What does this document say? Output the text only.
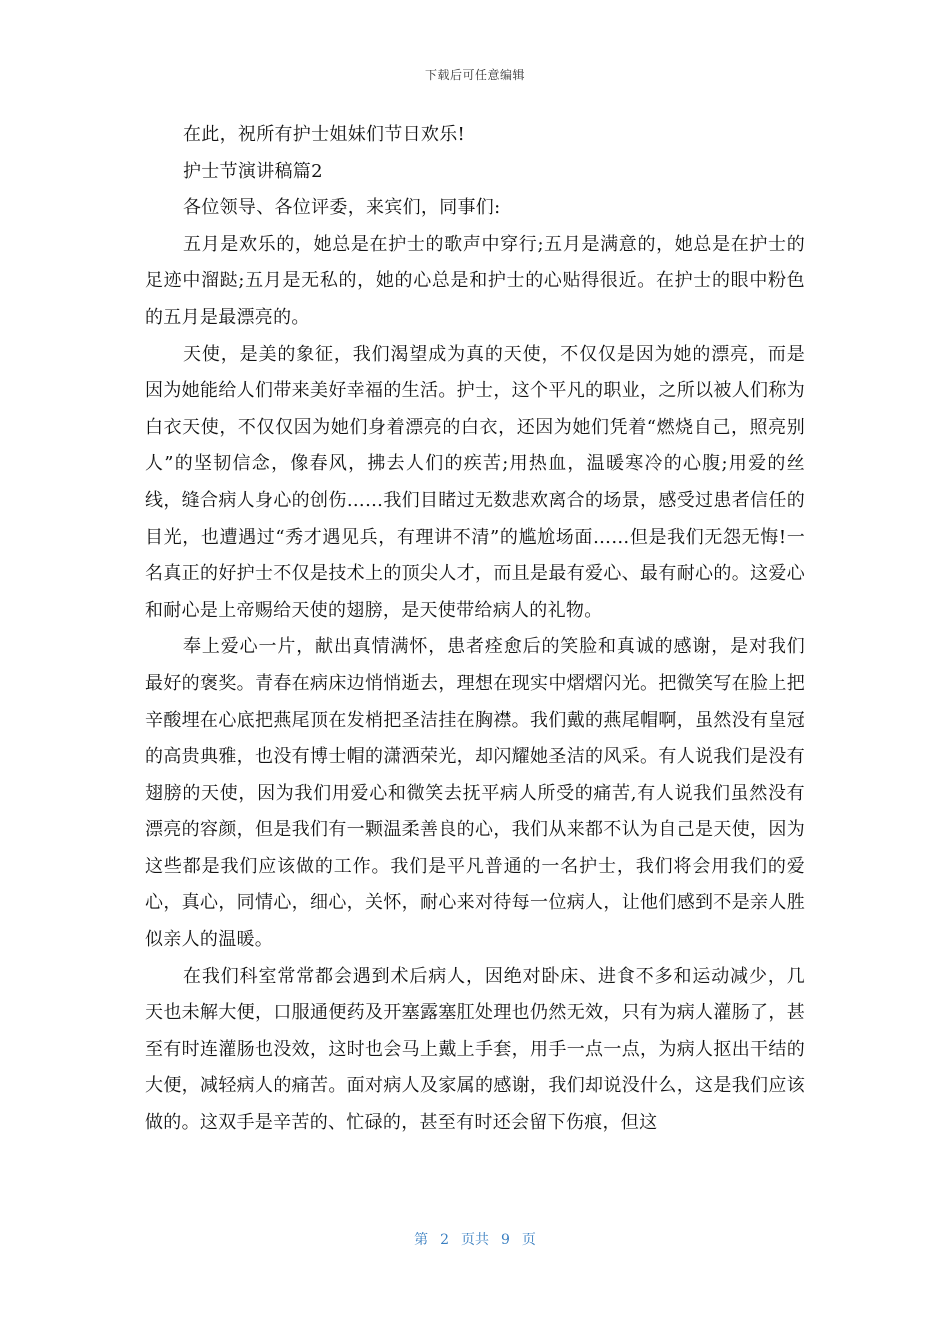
下载后可任意编辑

在此，祝所有护士姐妹们节日欢乐!

护士节演讲稿篇2

各位领导、各位评委，来宾们，同事们:

五月是欢乐的，她总是在护士的歌声中穿行;五月是满意的，她总是在护士的足迹中溜跶;五月是无私的，她的心总是和护士的心贴得很近。在护士的眼中粉色的五月是最漂亮的。

天使，是美的象征，我们渴望成为真的天使，不仅仅是因为她的漂亮，而是因为她能给人们带来美好幸福的生活。护士，这个平凡的职业，之所以被人们称为白衣天使，不仅仅因为她们身着漂亮的白衣，还因为她们凭着“燃烧自己，照亮别人”的坚韧信念，像春风，拂去人们的疾苦;用热血，温暖寒冷的心腹;用爱的丝线，缝合病人身心的创伤……我们目睹过无数悲欢离合的场景，感受过患者信任的目光，也遭遇过“秀才遇见兵，有理讲不清”的尴尬场面……但是我们无怨无悔!一名真正的好护士不仅是技术上的顶尖人才，而且是最有爱心、最有耐心的。这爱心和耐心是上帝赐给天使的翅膀，是天使带给病人的礼物。

奉上爱心一片，献出真情满怀，患者痊愈后的笑脸和真诚的感谢，是对我们最好的褒奖。青春在病床边悄悄逝去，理想在现实中熠熠闪光。把微笑写在脸上把辛酸埋在心底把燕尾顶在发梢把圣洁挂在胸襟。我们戴的燕尾帽啊，虽然没有皇冠的高贵典雅，也没有博士帽的潇洒荣光，却闪耀她圣洁的风采。有人说我们是没有翅膀的天使，因为我们用爱心和微笑去抚平病人所受的痛苦,有人说我们虽然没有漂亮的容颜，但是我们有一颗温柔善良的心，我们从来都不认为自己是天使，因为这些都是我们应该做的工作。我们是平凡普通的一名护士，我们将会用我们的爱心，真心，同情心，细心，关怀，耐心来对待每一位病人，让他们感到不是亲人胜似亲人的温暖。

在我们科室常常都会遇到术后病人，因绝对卧床、进食不多和运动减少，几天也未解大便，口服通便药及开塞露塞肛处理也仍然无效，只有为病人灌肠了，甚至有时连灌肠也没效，这时也会马上戴上手套，用手一点一点，为病人抠出干结的大便，减轻病人的痛苦。面对病人及家属的感谢，我们却说没什么，这是我们应该做的。这双手是辛苦的、忙碌的，甚至有时还会留下伤痕，但这

第 2 页共 9 页
